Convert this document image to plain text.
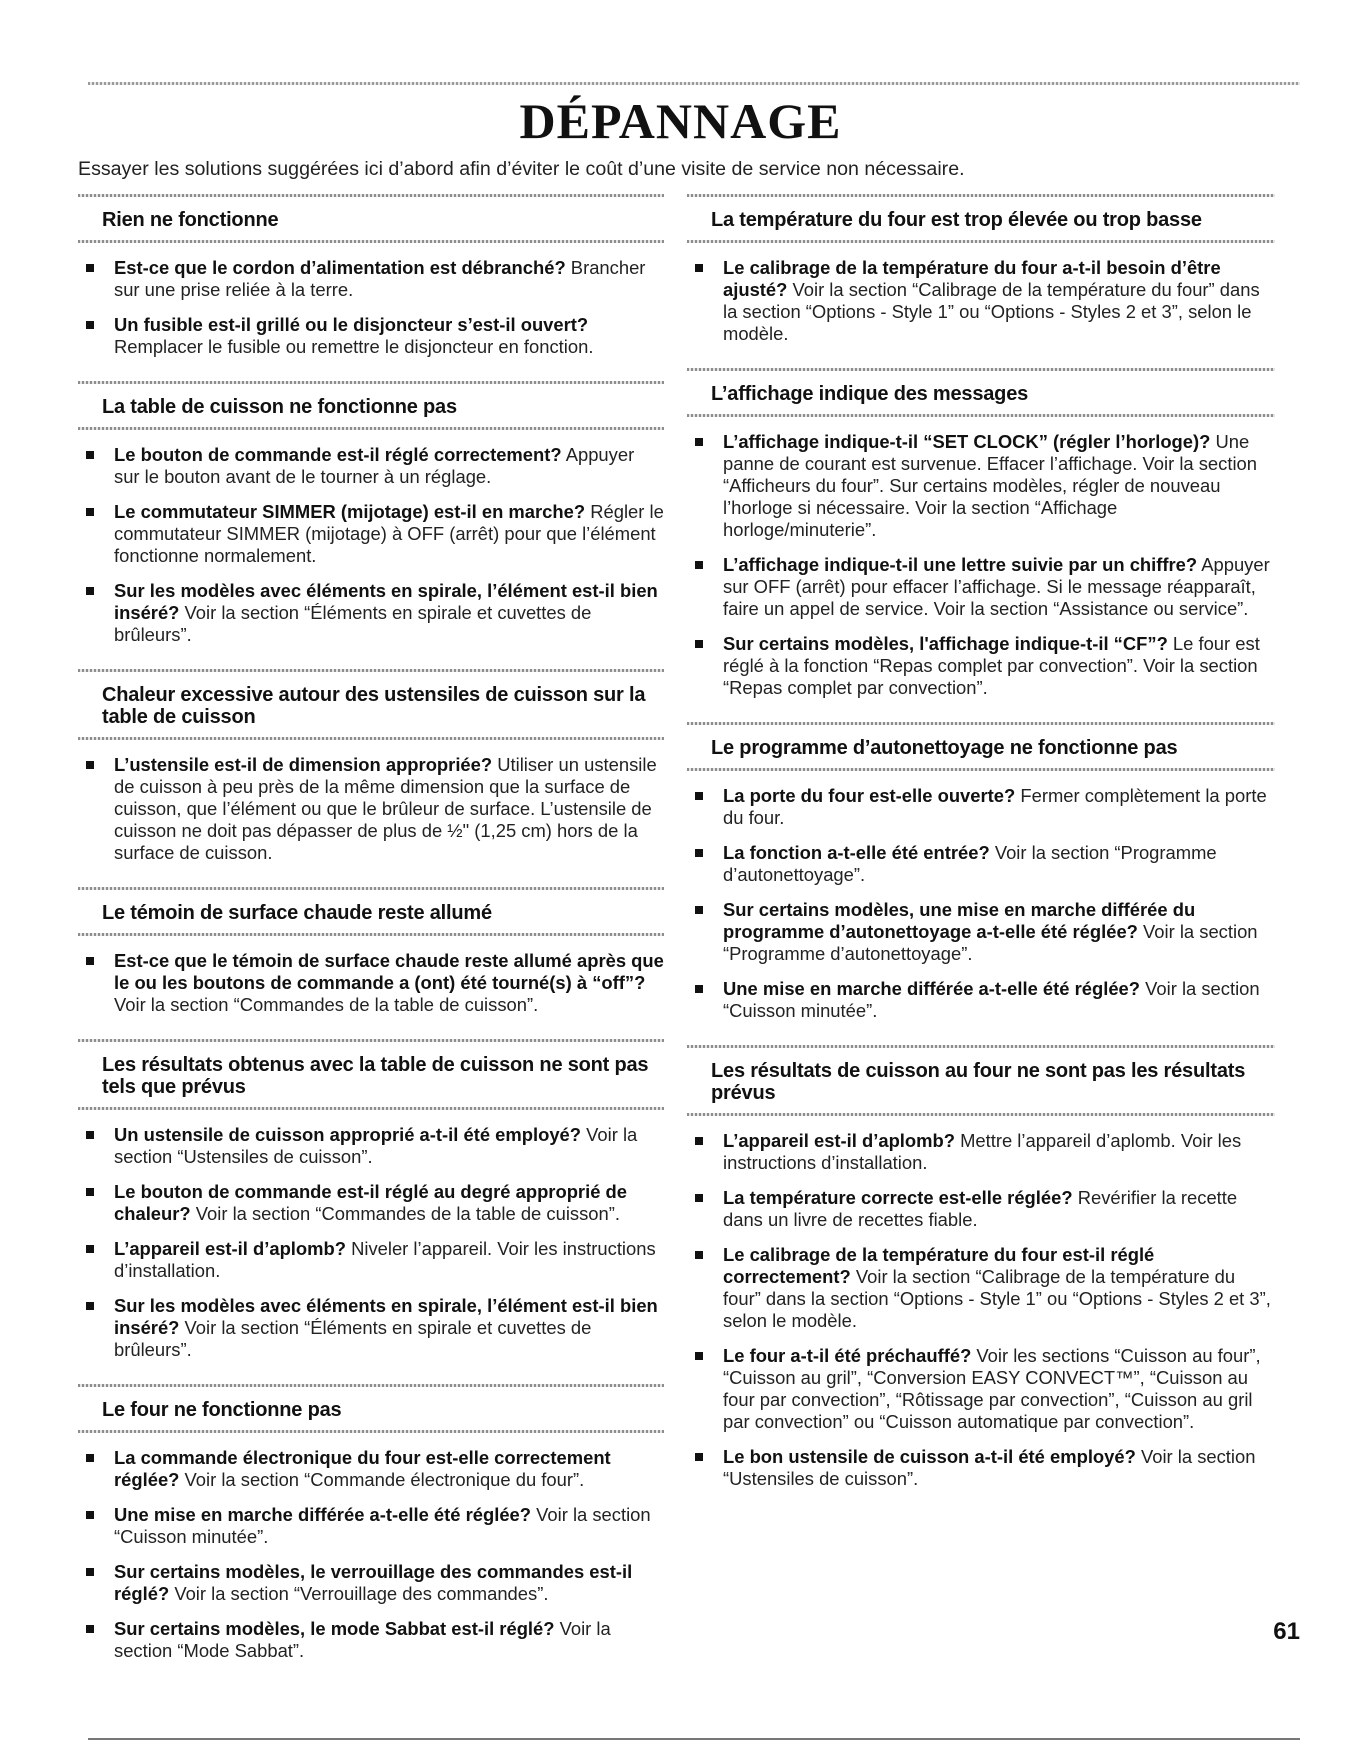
DÉPANNAGE
Essayer les solutions suggérées ici d’abord afin d’éviter le coût d’une visite de service non nécessaire.
Rien ne fonctionne
Est-ce que le cordon d’alimentation est débranché? Brancher sur une prise reliée à la terre.
Un fusible est-il grillé ou le disjoncteur s’est-il ouvert? Remplacer le fusible ou remettre le disjoncteur en fonction.
La table de cuisson ne fonctionne pas
Le bouton de commande est-il réglé correctement? Appuyer sur le bouton avant de le tourner à un réglage.
Le commutateur SIMMER (mijotage) est-il en marche? Régler le commutateur SIMMER (mijotage) à OFF (arrêt) pour que l’élément fonctionne normalement.
Sur les modèles avec éléments en spirale, l’élément est-il bien inséré? Voir la section “Éléments en spirale et cuvettes de brûleurs”.
Chaleur excessive autour des ustensiles de cuisson sur la table de cuisson
L’ustensile est-il de dimension appropriée? Utiliser un ustensile de cuisson à peu près de la même dimension que la surface de cuisson, que l’élément ou que le brûleur de surface. L’ustensile de cuisson ne doit pas dépasser de plus de ½" (1,25 cm) hors de la surface de cuisson.
Le témoin de surface chaude reste allumé
Est-ce que le témoin de surface chaude reste allumé après que le ou les boutons de commande a (ont) été tourné(s) à “off”? Voir la section “Commandes de la table de cuisson”.
Les résultats obtenus avec la table de cuisson ne sont pas tels que prévus
Un ustensile de cuisson approprié a-t-il été employé? Voir la section “Ustensiles de cuisson”.
Le bouton de commande est-il réglé au degré approprié de chaleur? Voir la section “Commandes de la table de cuisson”.
L’appareil est-il d’aplomb? Niveler l’appareil. Voir les instructions d’installation.
Sur les modèles avec éléments en spirale, l’élément est-il bien inséré? Voir la section “Éléments en spirale et cuvettes de brûleurs”.
Le four ne fonctionne pas
La commande électronique du four est-elle correctement réglée? Voir la section “Commande électronique du four”.
Une mise en marche différée a-t-elle été réglée? Voir la section “Cuisson minutée”.
Sur certains modèles, le verrouillage des commandes est-il réglé? Voir la section “Verrouillage des commandes”.
Sur certains modèles, le mode Sabbat est-il réglé? Voir la section “Mode Sabbat”.
La température du four est trop élevée ou trop basse
Le calibrage de la température du four a-t-il besoin d’être ajusté? Voir la section “Calibrage de la température du four” dans la section “Options - Style 1” ou “Options - Styles 2 et 3”, selon le modèle.
L’affichage indique des messages
L’affichage indique-t-il “SET CLOCK” (régler l’horloge)? Une panne de courant est survenue. Effacer l’affichage. Voir la section “Afficheurs du four”. Sur certains modèles, régler de nouveau l’horloge si nécessaire. Voir la section “Affichage horloge/minuterie”.
L’affichage indique-t-il une lettre suivie par un chiffre? Appuyer sur OFF (arrêt) pour effacer l’affichage. Si le message réapparaît, faire un appel de service. Voir la section “Assistance ou service”.
Sur certains modèles, l'affichage indique-t-il “CF”? Le four est réglé à la fonction “Repas complet par convection”. Voir la section “Repas complet par convection”.
Le programme d’autonettoyage ne fonctionne pas
La porte du four est-elle ouverte? Fermer complètement la porte du four.
La fonction a-t-elle été entrée? Voir la section “Programme d’autonettoyage”.
Sur certains modèles, une mise en marche différée du programme d’autonettoyage a-t-elle été réglée? Voir la section “Programme d’autonettoyage”.
Une mise en marche différée a-t-elle été réglée? Voir la section “Cuisson minutée”.
Les résultats de cuisson au four ne sont pas les résultats prévus
L’appareil est-il d’aplomb? Mettre l’appareil d’aplomb. Voir les instructions d’installation.
La température correcte est-elle réglée? Revérifier la recette dans un livre de recettes fiable.
Le calibrage de la température du four est-il réglé correctement? Voir la section “Calibrage de la température du four” dans la section “Options - Style 1” ou “Options - Styles 2 et 3”, selon le modèle.
Le four a-t-il été préchauffé? Voir les sections “Cuisson au four”, “Cuisson au gril”, “Conversion EASY CONVECT™”, “Cuisson au four par convection”, “Rôtissage par convection”, “Cuisson au gril par convection” ou “Cuisson automatique par convection”.
Le bon ustensile de cuisson a-t-il été employé? Voir la section “Ustensiles de cuisson”.
61
